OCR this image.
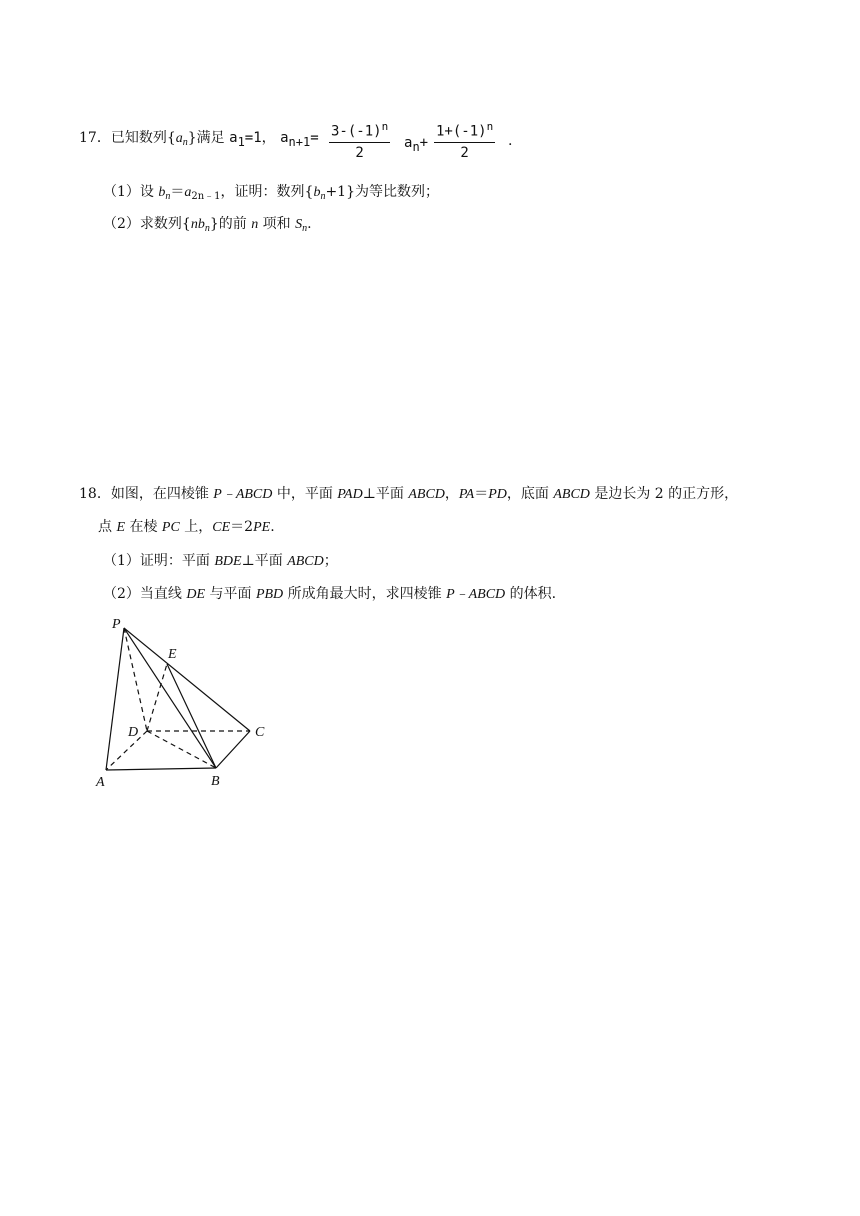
17．已知数列$\{a_n\}$满足 a1=1， $an+1= \frac{3-(-1)^n}{2} an+ \frac{1+(-1)^n}{2}$ .
（1）设 $b_n=a_{2n﹣1}$，证明：数列$\{b_n+1\}$为等比数列；
（2）求数列$\{nb_n\}$的前 n 项和 $S_n$.
18．如图，在四棱锥 P﹣ABCD 中，平面 PAD⊥平面 ABCD，PA＝PD，底面 ABCD 是边长为 2 的正方形，
点 E 在棱 PC 上，CE＝2PE.
（1）证明：平面 BDE⊥平面 ABCD；
（2）当直线 DE 与平面 PBD 所成角最大时，求四棱锥 P﹣ABCD 的体积.
P
E
D	C
A	B
